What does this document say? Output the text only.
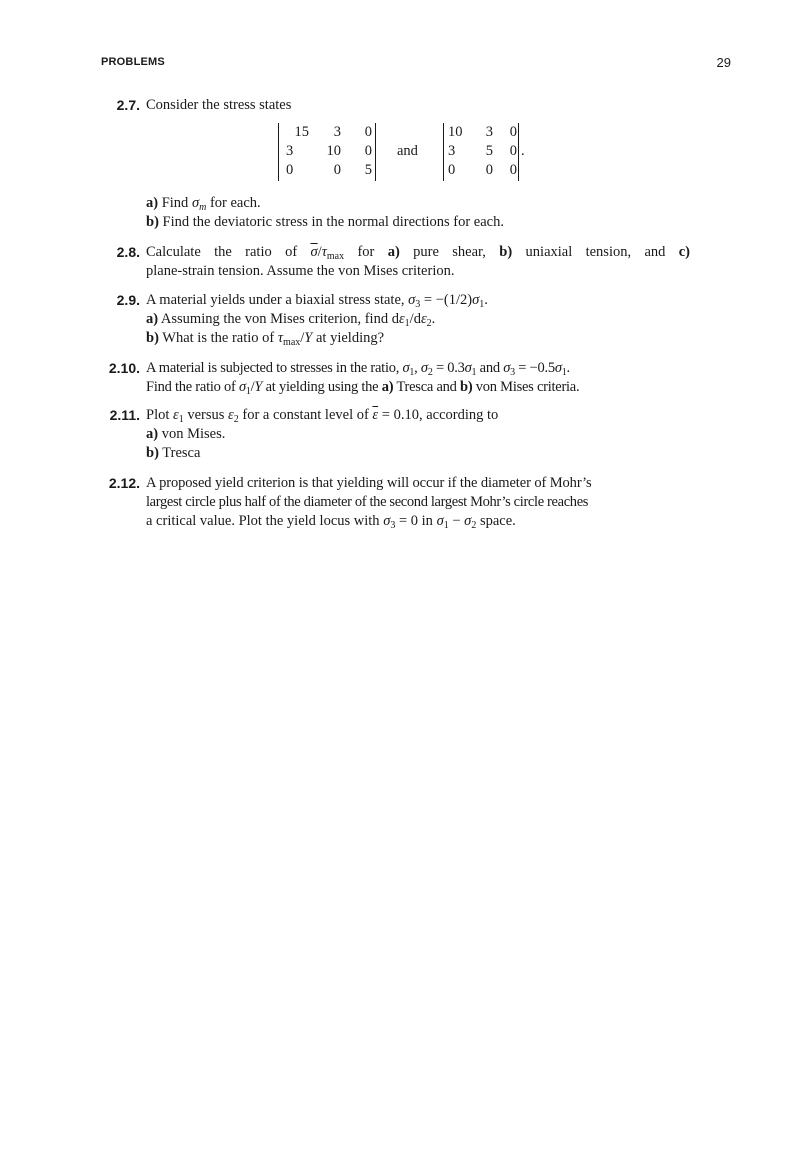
PROBLEMS	29
2.7. Consider the stress states
15	3	0
3	10	0
0	0	5
and
10	3	0
3	5	0
0	0	0
.
a) Find $\sigma_m$ for each.
b) Find the deviatoric stress in the normal directions for each.
2.8. Calculate the ratio of $\overline{\sigma}/\tau_{max}$ for a) pure shear, b) uniaxial tension, and c)
plane-strain tension. Assume the von Mises criterion.
2.9. A material yields under a biaxial stress state, $\sigma_3 = -(1/2)\sigma_1$.
a) Assuming the von Mises criterion, find $d\varepsilon_1/d\varepsilon_2$.
b) What is the ratio of $\tau_{max}/Y$ at yielding?
2.10. A material is subjected to stresses in the ratio, $\sigma_1$, $\sigma_2 = 0.3\sigma_1$ and $\sigma_3 = -0.5\sigma_1$.
Find the ratio of $\sigma_1/Y$ at yielding using the a) Tresca and b) von Mises criteria.
2.11. Plot $\varepsilon_1$ versus $\varepsilon_2$ for a constant level of $\overline{\varepsilon} = 0.10$, according to
a) von Mises.
b) Tresca
2.12. A proposed yield criterion is that yielding will occur if the diameter of Mohr’s
largest circle plus half of the diameter of the second largest Mohr’s circle reaches
a critical value. Plot the yield locus with $\sigma_3 = 0$ in $\sigma_1 - \sigma_2$ space.
